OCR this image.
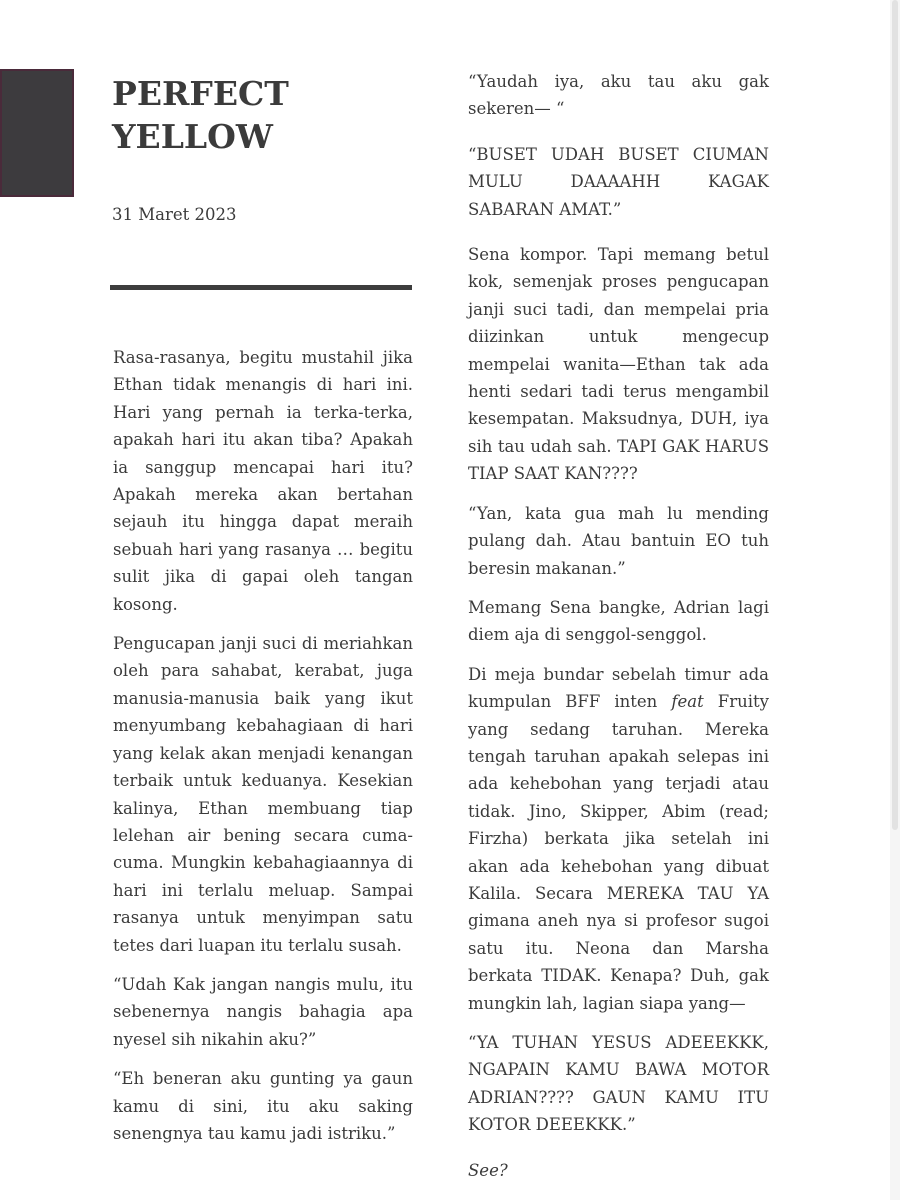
PERFECT
YELLOW
31 Maret 2023

Rasa-rasanya, begitu mustahil jika Ethan tidak menangis di hari ini. Hari yang pernah ia terka-terka, apakah hari itu akan tiba? Apakah ia sanggup mencapai hari itu? Apakah mereka akan bertahan sejauh itu hingga dapat meraih sebuah hari yang rasanya … begitu sulit jika di gapai oleh tangan kosong.

Pengucapan janji suci di meriahkan oleh para sahabat, kerabat, juga manusia-manusia baik yang ikut menyumbang kebahagiaan di hari yang kelak akan menjadi kenangan terbaik untuk keduanya. Kesekian kalinya, Ethan membuang tiap lelehan air bening secara cuma-cuma. Mungkin kebahagiaannya di hari ini terlalu meluap. Sampai rasanya untuk menyimpan satu tetes dari luapan itu terlalu susah.

“Udah Kak jangan nangis mulu, itu sebenernya nangis bahagia apa nyesel sih nikahin aku?”

“Eh beneran aku gunting ya gaun kamu di sini, itu aku saking senengnya tau kamu jadi istriku.”

“Yaudah iya, aku tau aku gak sekeren— “

“BUSET UDAH BUSET CIUMAN MULU DAAAAHH KAGAK SABARAN AMAT.”

Sena kompor. Tapi memang betul kok, semenjak proses pengucapan janji suci tadi, dan mempelai pria diizinkan untuk mengecup mempelai wanita—Ethan tak ada henti sedari tadi terus mengambil kesempatan. Maksudnya, DUH, iya sih tau udah sah. TAPI GAK HARUS TIAP SAAT KAN????

“Yan, kata gua mah lu mending pulang dah. Atau bantuin EO tuh beresin makanan.”

Memang Sena bangke, Adrian lagi diem aja di senggol-senggol.

Di meja bundar sebelah timur ada kumpulan BFF inten feat Fruity yang sedang taruhan. Mereka tengah taruhan apakah selepas ini ada kehebohan yang terjadi atau tidak. Jino, Skipper, Abim (read; Firzha) berkata jika setelah ini akan ada kehebohan yang dibuat Kalila. Secara MEREKA TAU YA gimana aneh nya si profesor sugoi satu itu. Neona dan Marsha berkata TIDAK. Kenapa? Duh, gak mungkin lah, lagian siapa yang—

“YA TUHAN YESUS ADEEEKKK, NGAPAIN KAMU BAWA MOTOR ADRIAN???? GAUN KAMU ITU KOTOR DEEEKKK.”

See?
